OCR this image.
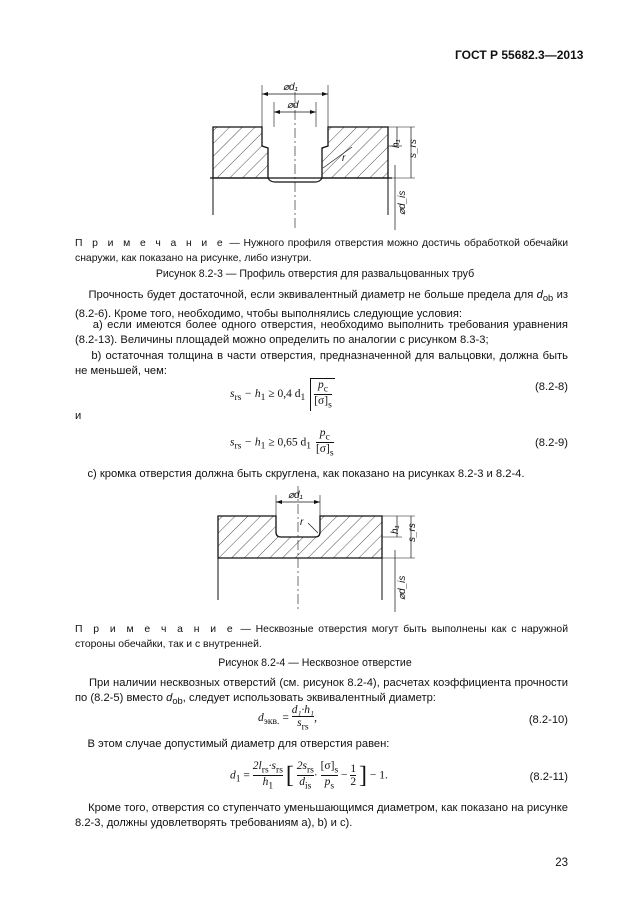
ГОСТ Р 55682.3—2013
⌀d₁
⌀d
h₁ s_rs
⌀d_is
r
П р и м е ч а н и е — Нужного профиля отверстия можно достичь обработкой обечайки снаружи, как показано на рисунке, либо изнутри.
Рисунок 8.2-3 — Профиль отверстия для развальцованных труб
Прочность будет достаточной, если эквивалентный диаметр не больше предела для $d_{ob}$ из (8.2-6). Кроме того, необходимо, чтобы выполнялись следующие условия:
a) если имеются более одного отверстия, необходимо выполнить требования уравнения (8.2-13). Величины площадей можно определить по аналогии с рисунком 8.3-3;
b) остаточная толщина в части отверстия, предназначенной для вальцовки, должна быть не меньшей, чем:
$s_{rs} - h_1 \ge 0,4$ $d_1 \frac{p_c}{[\sigma]_s}$	(8.2-8)
и
$s_{rs} - h_1 \ge 0,65$ $d_1 \frac{p_c}{[\sigma]_s}$	(8.2-9)
c) кромка отверстия должна быть скруглена, как показано на рисунках 8.2-3 и 8.2-4.
⌀d₁
r
h₁ s_rs
⌀d_is
П р и м е ч а н и е — Несквозные отверстия могут быть выполнены как с наружной стороны обечайки, так и с внутренней.
Рисунок 8.2-4 — Несквозное отверстие
При наличии несквозных отверстий (см. рисунок 8.2-4), расчетах коэффициента прочности по (8.2-5) вместо $d_{ob}$, следует использовать эквивалентный диаметр:
$d_{экв.}$ =
d₁·h₁
$s_{rs}$
,	(8.2-10)
В этом случае допустимый диаметр для отверстия равен:
$d_1$ =
$2l_{rs}\cdot s_{rs}$
$h_1$ [ $2s_{rs}$
$d_{is}$
· $\frac{[\sigma]_s}{p_s} - \frac{1}{2}$ ] − 1.	(8.2-11)
Кроме того, отверстия со ступенчато уменьшающимся диаметром, как показано на рисунке 8.2-3, должны удовлетворять требованиям а), b) и с).
23
